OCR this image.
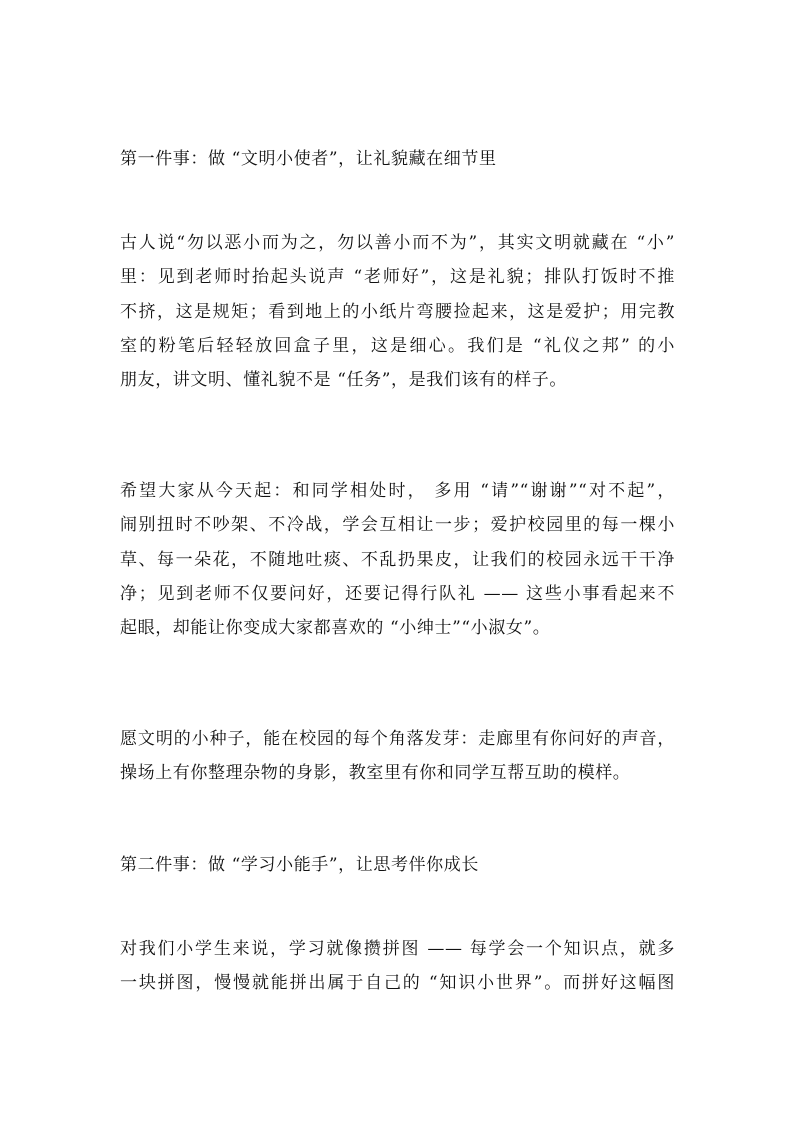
第一件事：做 “文明小使者”，让礼貌藏在细节里
古人说“勿以恶小而为之，勿以善小而不为”，其实文明就藏在 “小”
里：见到老师时抬起头说声 “老师好”，这是礼貌；排队打饭时不推
不挤，这是规矩；看到地上的小纸片弯腰捡起来，这是爱护；用完教
室的粉笔后轻轻放回盒子里，这是细心。我们是 “礼仪之邦” 的小
朋友，讲文明、懂礼貌不是 “任务”，是我们该有的样子。
希望大家从今天起：和同学相处时， 多用 “请”“谢谢”“对不起”，
闹别扭时不吵架、不冷战，学会互相让一步；爱护校园里的每一棵小
草、每一朵花，不随地吐痰、不乱扔果皮，让我们的校园永远干干净
净；见到老师不仅要问好，还要记得行队礼 —— 这些小事看起来不
起眼，却能让你变成大家都喜欢的 “小绅士”“小淑女”。
愿文明的小种子，能在校园的每个角落发芽：走廊里有你问好的声音，
操场上有你整理杂物的身影，教室里有你和同学互帮互助的模样。
第二件事：做 “学习小能手”，让思考伴你成长
对我们小学生来说，学习就像攒拼图 —— 每学会一个知识点，就多
一块拼图，慢慢就能拼出属于自己的 “知识小世界”。而拼好这幅图
